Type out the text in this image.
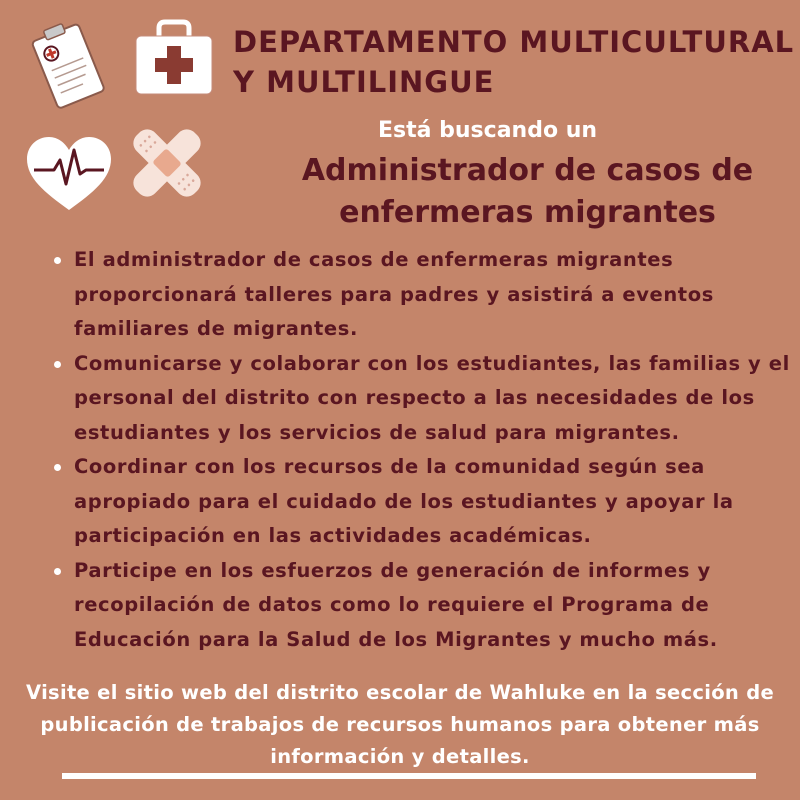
DEPARTAMENTO MULTICULTURAL
Y MULTILINGUE
Está buscando un
Administrador de casos de enfermeras migrantes
El administrador de casos de enfermeras migrantes proporcionará talleres para padres y asistirá a eventos familiares de migrantes.
Comunicarse y colaborar con los estudiantes, las familias y el personal del distrito con respecto a las necesidades de los estudiantes y los servicios de salud para migrantes.
Coordinar con los recursos de la comunidad según sea apropiado para el cuidado de los estudiantes y apoyar la participación en las actividades académicas.
Participe en los esfuerzos de generación de informes y recopilación de datos como lo requiere el Programa de Educación para la Salud de los Migrantes y mucho más.
Visite el sitio web del distrito escolar de Wahluke en la sección de publicación de trabajos de recursos humanos para obtener más información y detalles.
